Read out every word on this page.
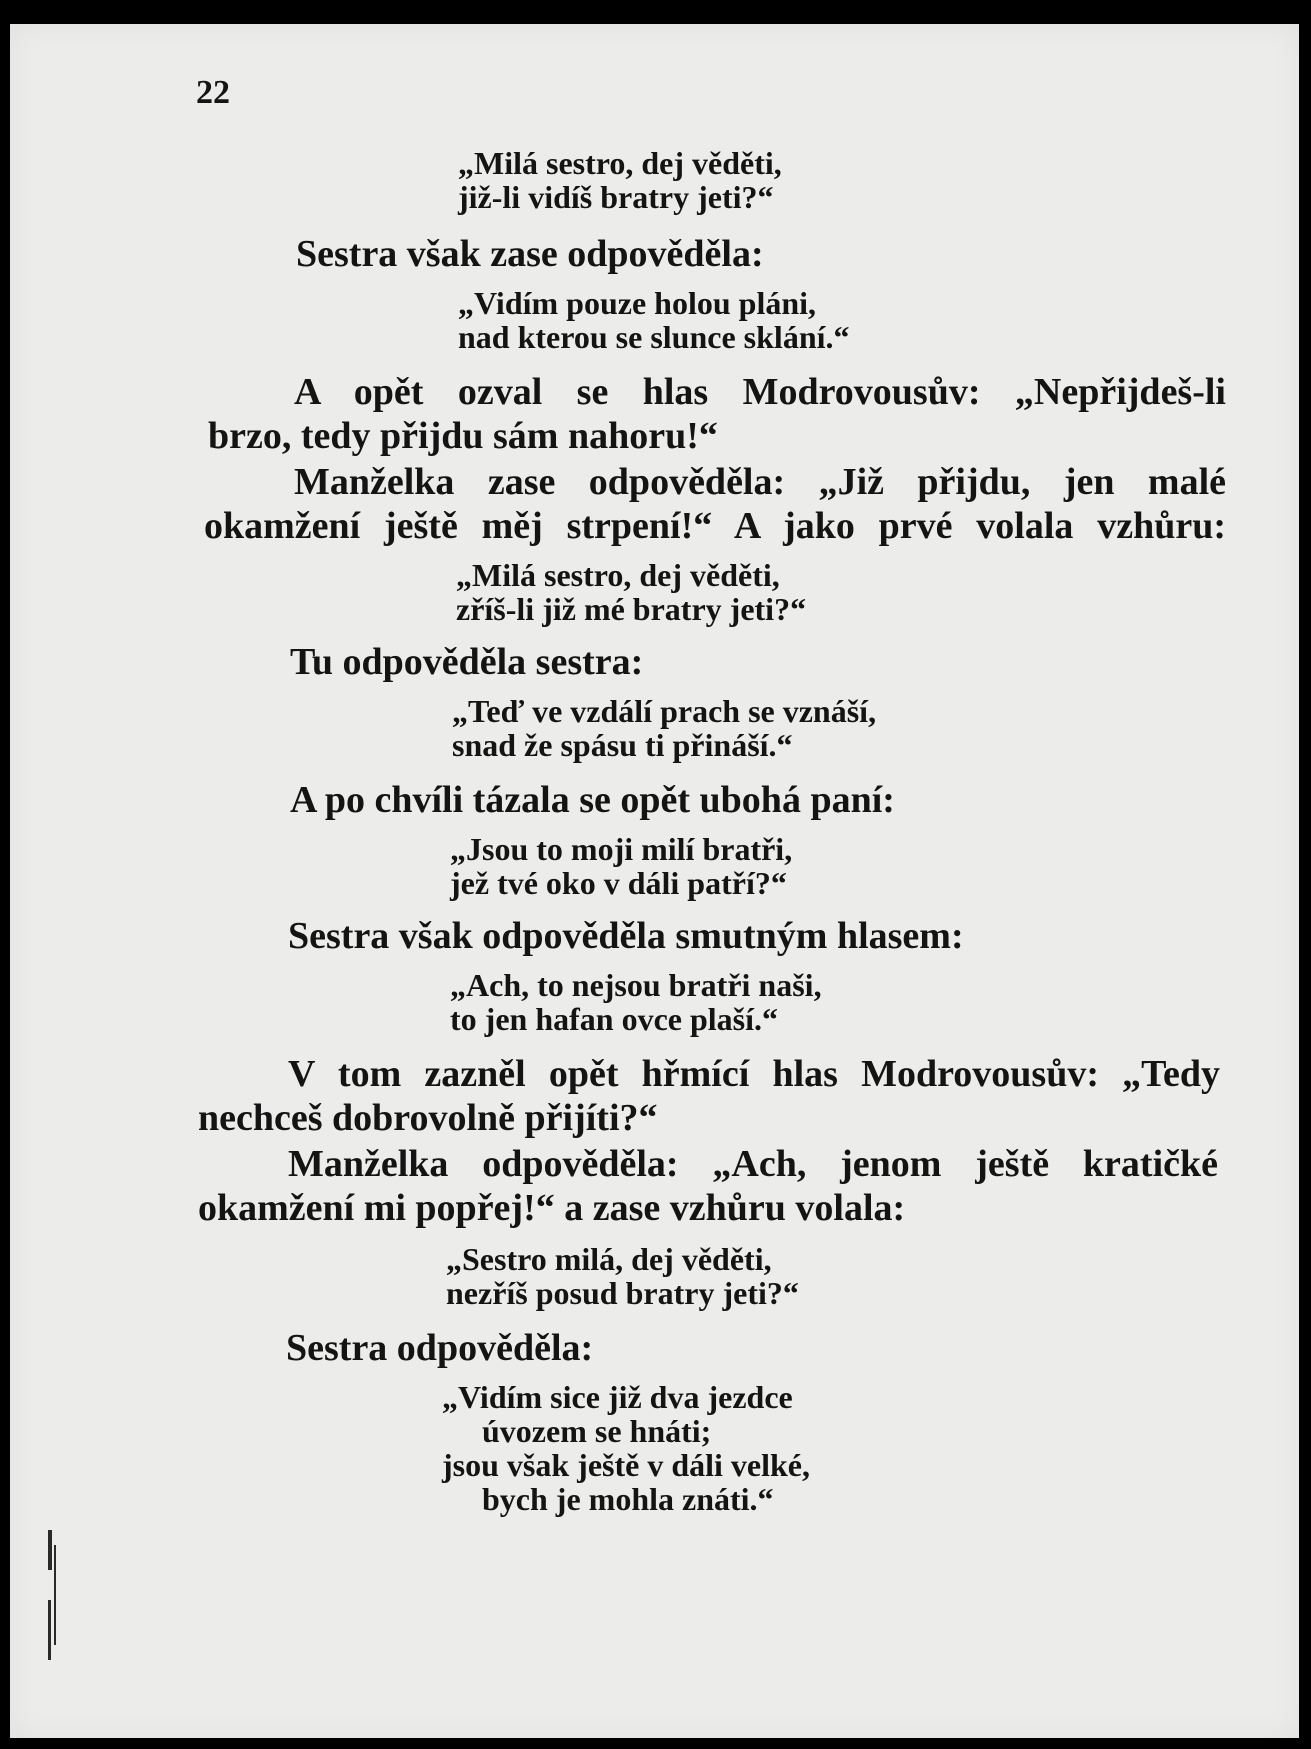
22
„Milá sestro, dej věděti,
již-li vidíš bratry jeti?“
Sestra však zase odpověděla:
„Vidím pouze holou pláni,
nad kterou se slunce sklání.“
A opět ozval se hlas Modrovousův: „Nepřijdeš-li
brzo, tedy přijdu sám nahoru!“
Manželka zase odpověděla: „Již přijdu, jen malé
okamžení ještě měj strpení!“ A jako prvé volala vzhůru:
„Milá sestro, dej věděti,
zříš-li již mé bratry jeti?“
Tu odpověděla sestra:
„Teď ve vzdálí prach se vznáší,
snad že spásu ti přináší.“
A po chvíli tázala se opět ubohá paní:
„Jsou to moji milí bratři,
jež tvé oko v dáli patří?“
Sestra však odpověděla smutným hlasem:
„Ach, to nejsou bratři naši,
to jen hafan ovce plaší.“
V tom zazněl opět hřmící hlas Modrovousův: „Tedy
nechceš dobrovolně přijíti?“
Manželka odpověděla: „Ach, jenom ještě kratičké
okamžení mi popřej!“ a zase vzhůru volala:
„Sestro milá, dej věděti,
nezříš posud bratry jeti?“
Sestra odpověděla:
„Vidím sice již dva jezdce
úvozem se hnáti;
jsou však ještě v dáli velké,
bych je mohla znáti.“
